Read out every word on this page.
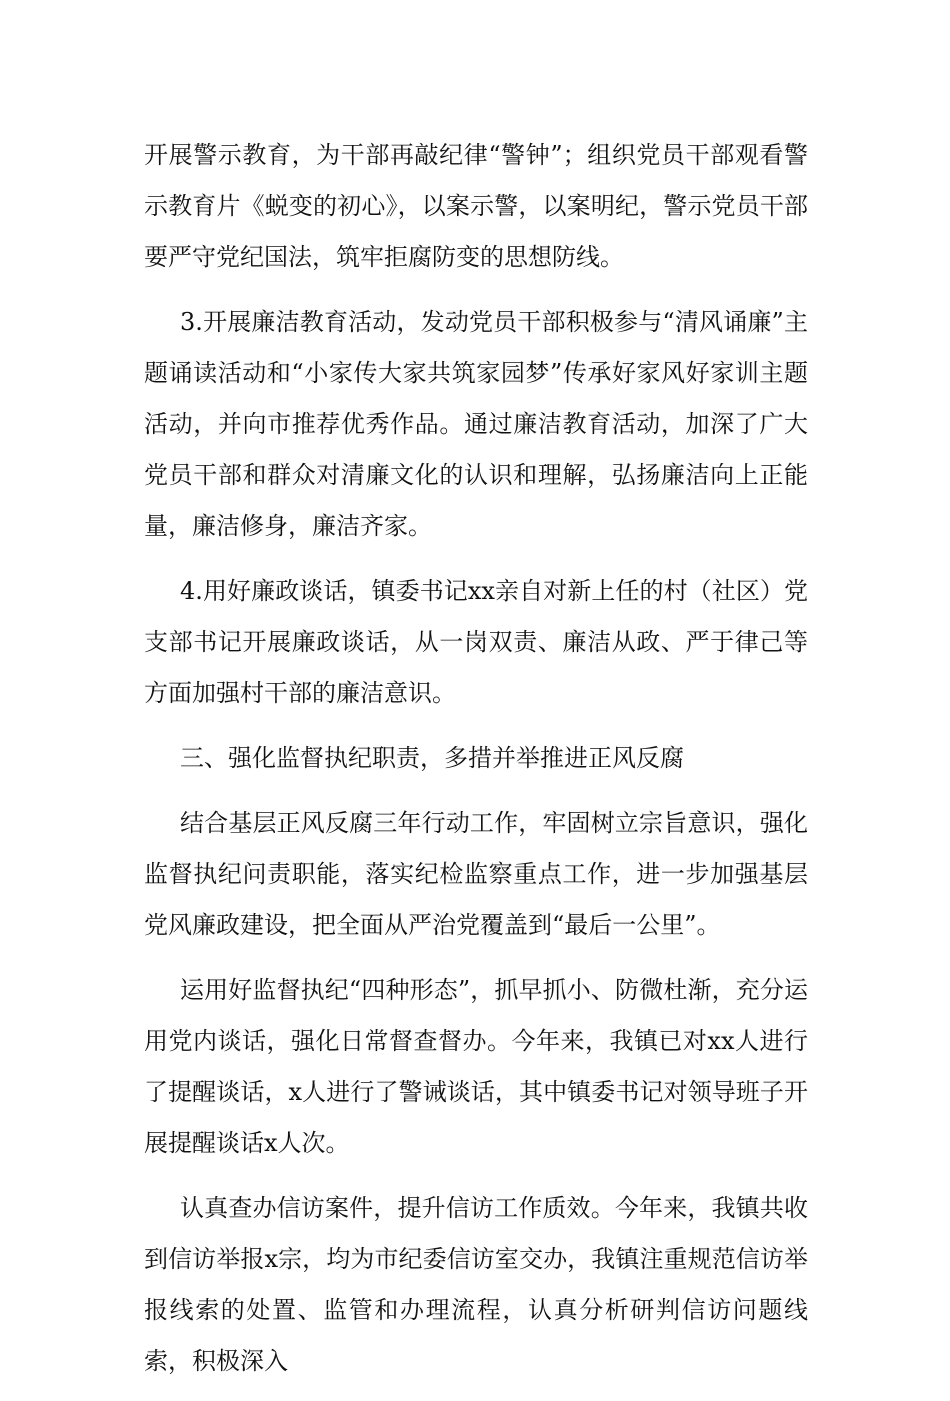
开展警示教育，为干部再敲纪律“警钟”；组织党员干部观看警示教育片《蜕变的初心》，以案示警，以案明纪，警示党员干部要严守党纪国法，筑牢拒腐防变的思想防线。

3.开展廉洁教育活动，发动党员干部积极参与“清风诵廉”主题诵读活动和“小家传大家共筑家园梦”传承好家风好家训主题活动，并向市推荐优秀作品。通过廉洁教育活动，加深了广大党员干部和群众对清廉文化的认识和理解，弘扬廉洁向上正能量，廉洁修身，廉洁齐家。

4.用好廉政谈话，镇委书记xx亲自对新上任的村（社区）党支部书记开展廉政谈话，从一岗双责、廉洁从政、严于律己等方面加强村干部的廉洁意识。

三、强化监督执纪职责，多措并举推进正风反腐

结合基层正风反腐三年行动工作，牢固树立宗旨意识，强化监督执纪问责职能，落实纪检监察重点工作，进一步加强基层党风廉政建设，把全面从严治党覆盖到“最后一公里”。

运用好监督执纪“四种形态”，抓早抓小、防微杜渐，充分运用党内谈话，强化日常督查督办。今年来，我镇已对xx人进行了提醒谈话，x人进行了警诫谈话，其中镇委书记对领导班子开展提醒谈话x人次。

认真查办信访案件，提升信访工作质效。今年来，我镇共收到信访举报x宗，均为市纪委信访室交办，我镇注重规范信访举报线索的处置、监管和办理流程，认真分析研判信访问题线索，积极深入
